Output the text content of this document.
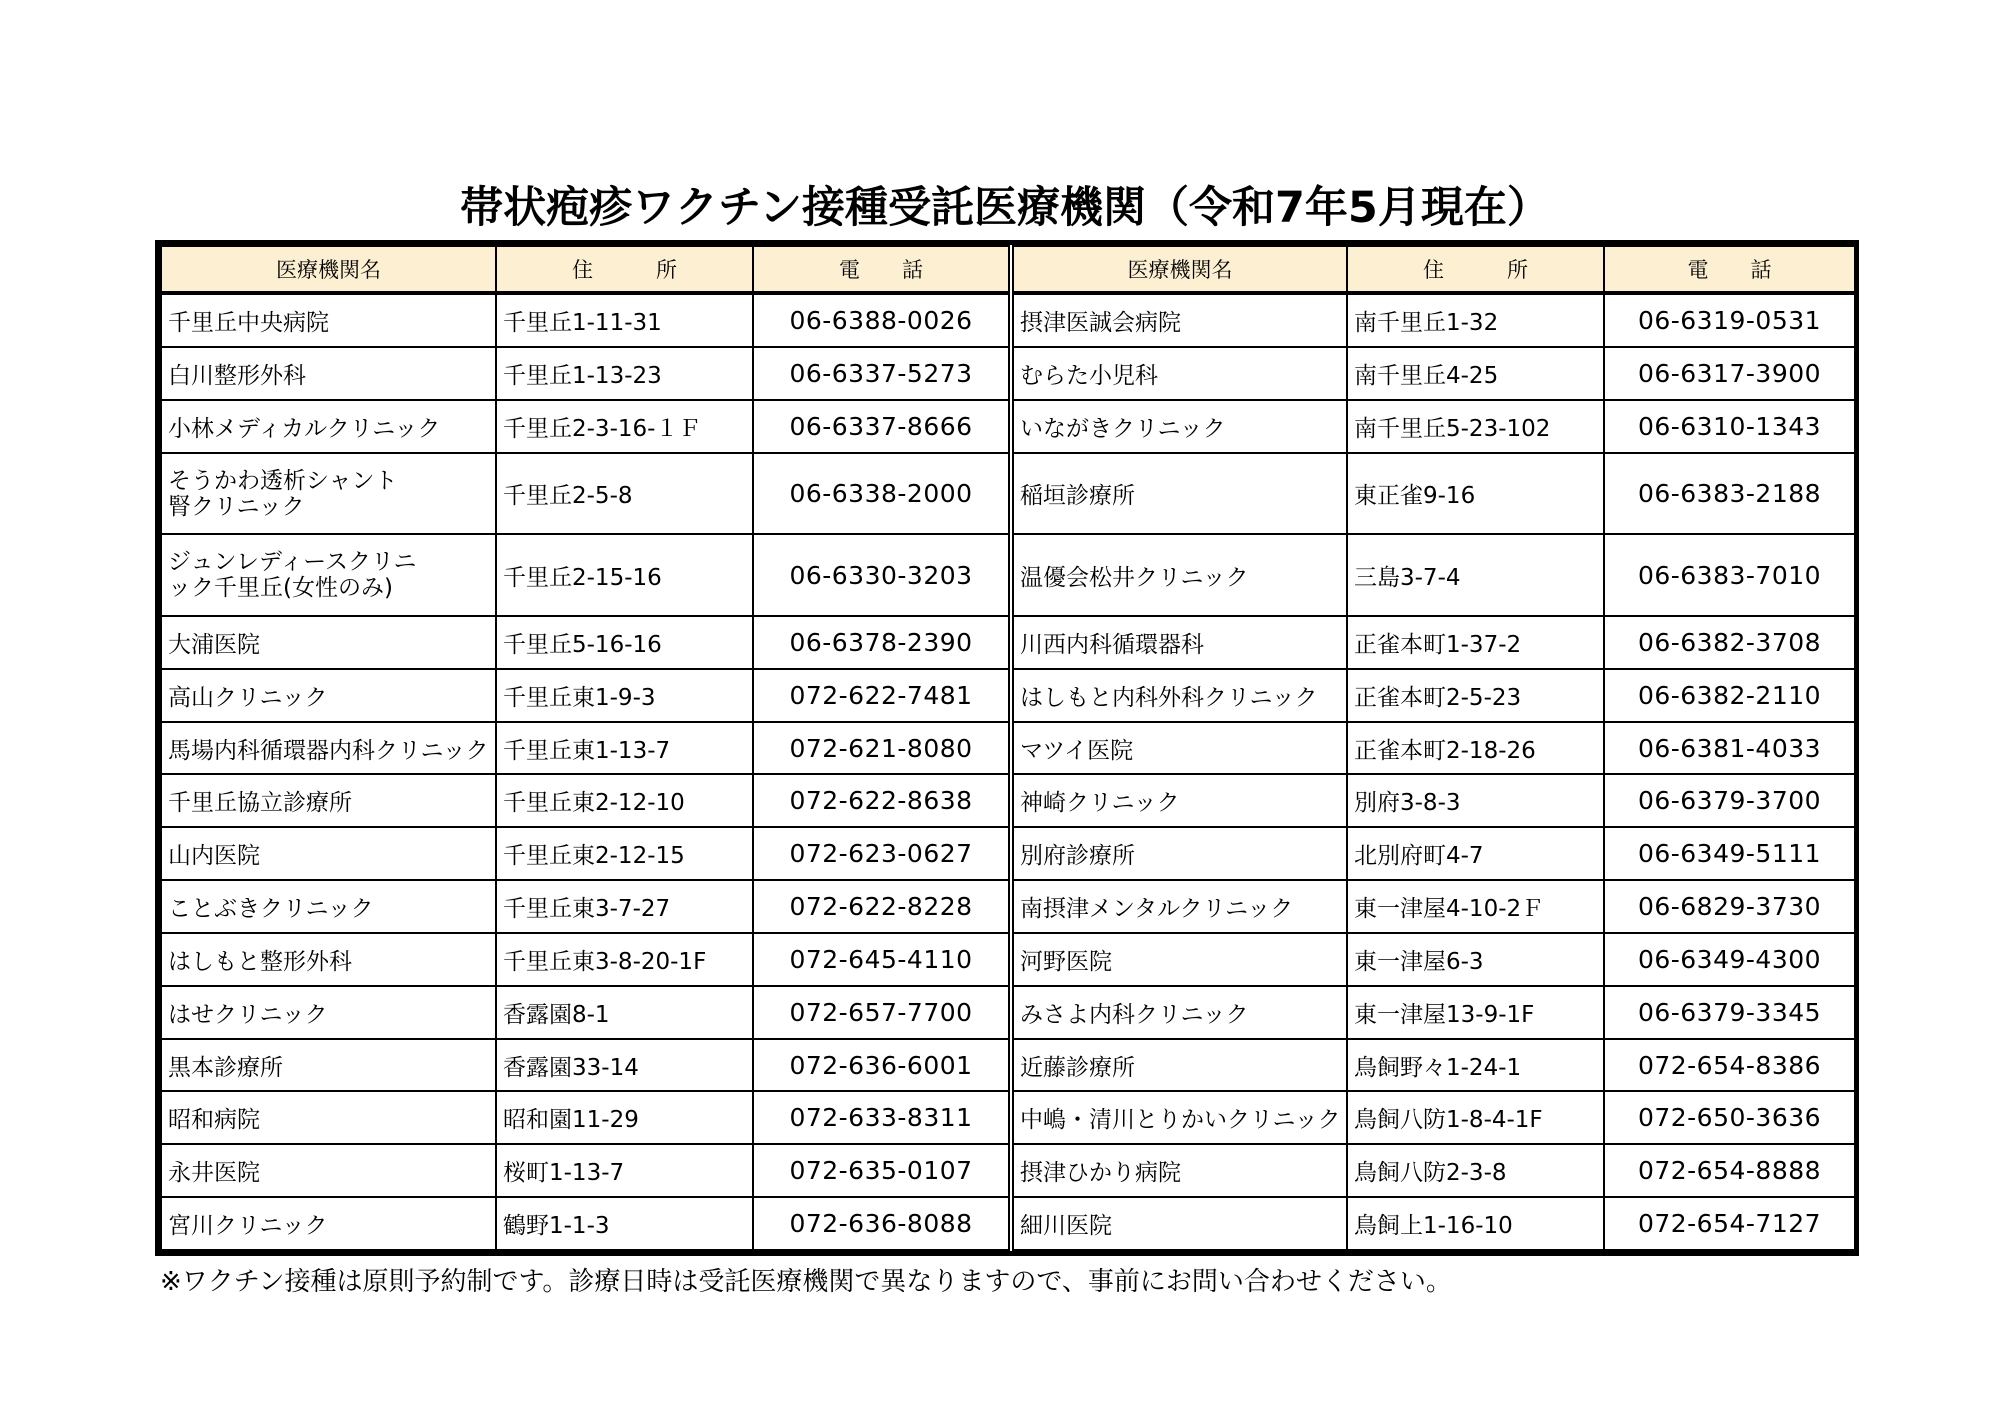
帯状疱疹ワクチン接種受託医療機関（令和7年5月現在）
医療機関名	住　　　所	電　　話	医療機関名	住　　　所	電　　話
千里丘中央病院	千里丘1-11-31	06-6388-0026	摂津医誠会病院	南千里丘1-32	06-6319-0531
白川整形外科	千里丘1-13-23	06-6337-5273	むらた小児科	南千里丘4-25	06-6317-3900
小林メディカルクリニック	千里丘2-3-16-１Ｆ	06-6337-8666	いながきクリニック	南千里丘5-23-102	06-6310-1343
そうかわ透析シャント
腎クリニック	千里丘2-5-8	06-6338-2000	稲垣診療所	東正雀9-16	06-6383-2188
ジュンレディースクリニ
ック千里丘(女性のみ)	千里丘2-15-16	06-6330-3203	温優会松井クリニック	三島3-7-4	06-6383-7010
大浦医院	千里丘5-16-16	06-6378-2390	川西内科循環器科	正雀本町1-37-2	06-6382-3708
高山クリニック	千里丘東1-9-3	072-622-7481	はしもと内科外科クリニック	正雀本町2-5-23	06-6382-2110
馬場内科循環器内科クリニック	千里丘東1-13-7	072-621-8080	マツイ医院	正雀本町2-18-26	06-6381-4033
千里丘協立診療所	千里丘東2-12-10	072-622-8638	神崎クリニック	別府3-8-3	06-6379-3700
山内医院	千里丘東2-12-15	072-623-0627	別府診療所	北別府町4-7	06-6349-5111
ことぶきクリニック	千里丘東3-7-27	072-622-8228	南摂津メンタルクリニック	東一津屋4-10-2Ｆ	06-6829-3730
はしもと整形外科	千里丘東3-8-20-1F	072-645-4110	河野医院	東一津屋6-3	06-6349-4300
はせクリニック	香露園8-1	072-657-7700	みさよ内科クリニック	東一津屋13-9-1F	06-6379-3345
黒本診療所	香露園33-14	072-636-6001	近藤診療所	鳥飼野々1-24-1	072-654-8386
昭和病院	昭和園11-29	072-633-8311	中嶋・清川とりかいクリニック	鳥飼八防1-8-4-1F	072-650-3636
永井医院	桜町1-13-7	072-635-0107	摂津ひかり病院	鳥飼八防2-3-8	072-654-8888
宮川クリニック	鶴野1-1-3	072-636-8088	細川医院	鳥飼上1-16-10	072-654-7127
※ワクチン接種は原則予約制です。診療日時は受託医療機関で異なりますので、事前にお問い合わせください。
